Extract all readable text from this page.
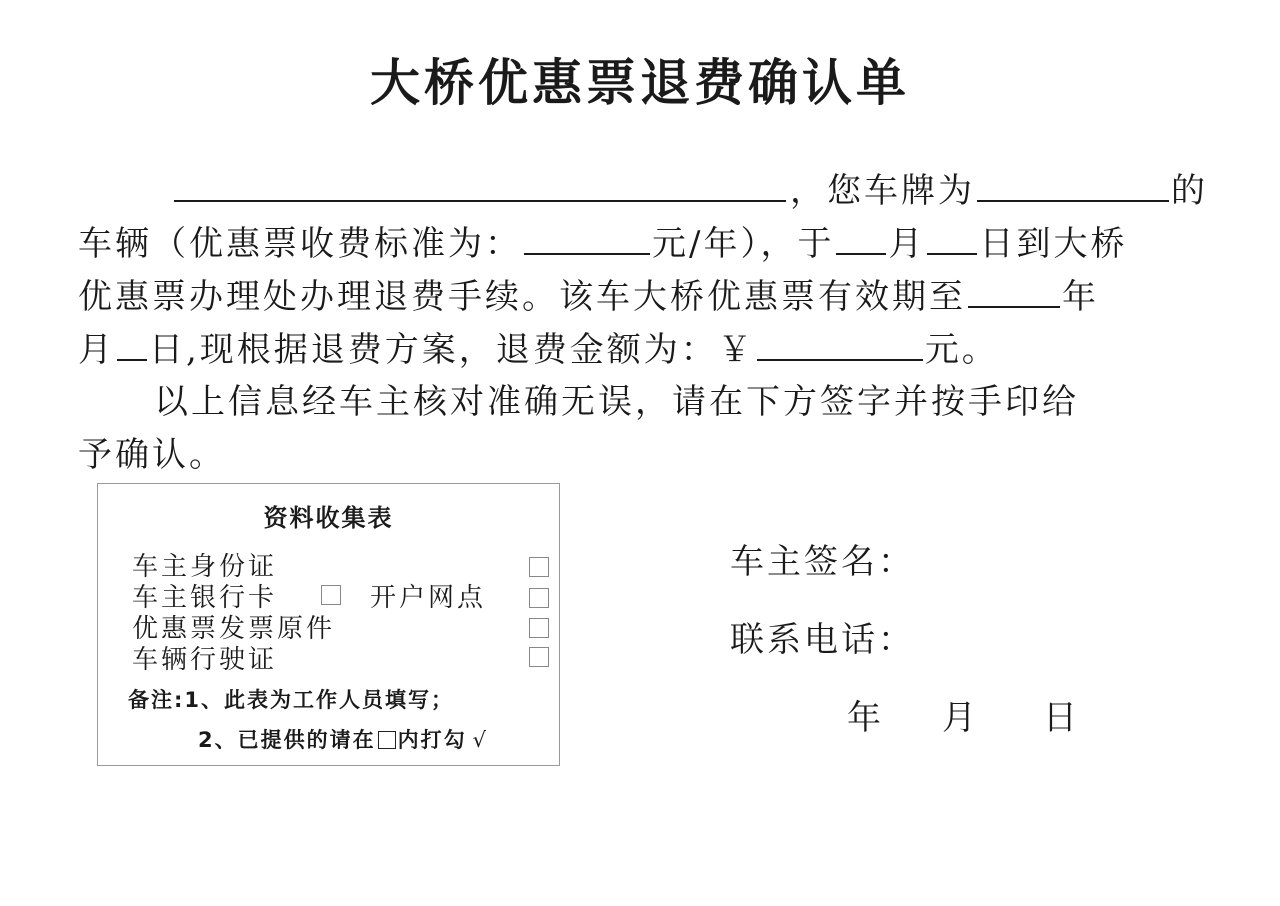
大桥优惠票退费确认单
，您车牌为	的
车辆（优惠票收费标准为：	元/年），于 月 日到大桥
优惠票办理处办理退费手续。该车大桥优惠票有效期至	年
月 日,现根据退费方案，退费金额为：￥	元。
以上信息经车主核对准确无误，请在下方签字并按手印给
予确认。
资料收集表
车主身份证
车主银行卡	开户网点
优惠票发票原件
车辆行驶证
备注:1、此表为工作人员填写；
2、已提供的请在 内打勾 √
车主签名：
联系电话：
年 月 日
